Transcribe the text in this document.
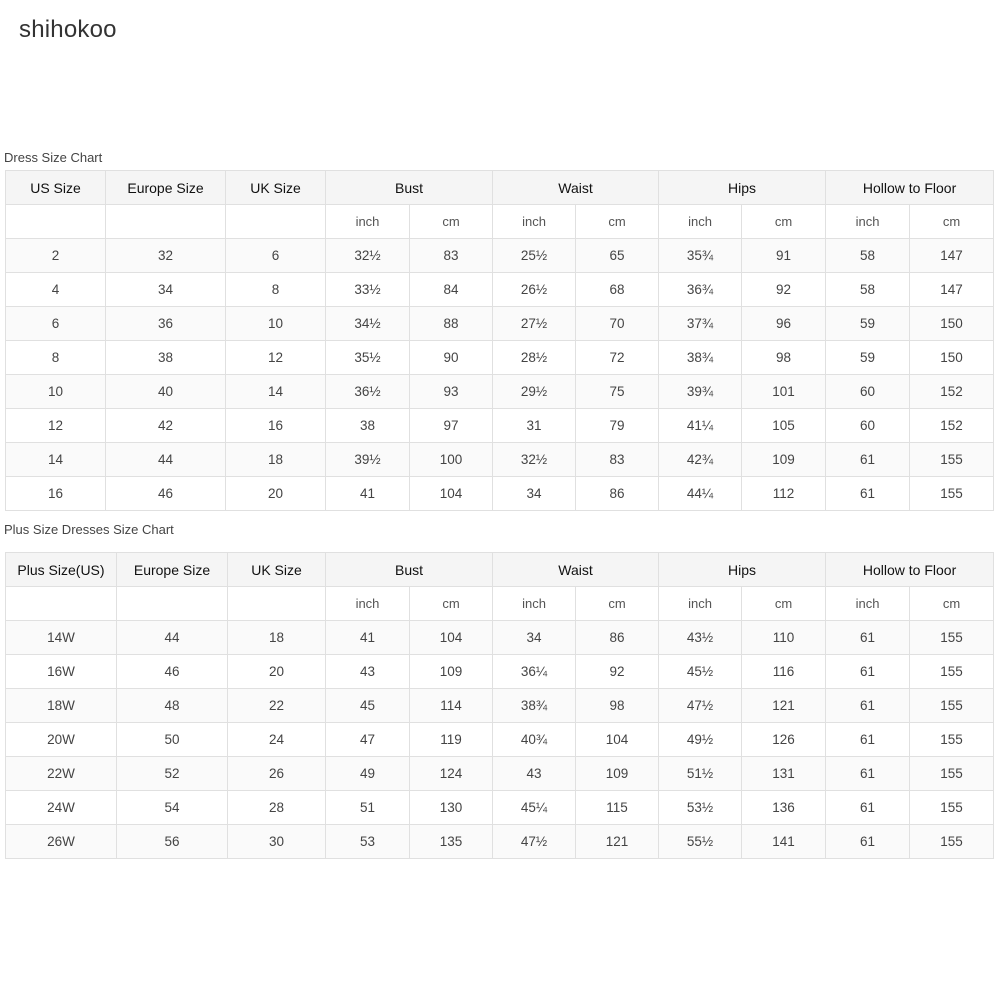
shihokoo
Dress Size Chart
US Size	Europe Size	UK Size	Bust		Waist		Hips		Hollow to Floor	
			inch	cm	inch	cm	inch	cm	inch	cm
2	32	6	32½	83	25½	65	35¾	91	58	147
4	34	8	33½	84	26½	68	36¾	92	58	147
6	36	10	34½	88	27½	70	37¾	96	59	150
8	38	12	35½	90	28½	72	38¾	98	59	150
10	40	14	36½	93	29½	75	39¾	101	60	152
12	42	16	38	97	31	79	41¼	105	60	152
14	44	18	39½	100	32½	83	42¾	109	61	155
16	46	20	41	104	34	86	44¼	112	61	155
Plus Size Dresses Size Chart
Plus Size(US)	Europe Size	UK Size	Bust		Waist		Hips		Hollow to Floor	
			inch	cm	inch	cm	inch	cm	inch	cm
14W	44	18	41	104	34	86	43½	110	61	155
16W	46	20	43	109	36¼	92	45½	116	61	155
18W	48	22	45	114	38¾	98	47½	121	61	155
20W	50	24	47	119	40¾	104	49½	126	61	155
22W	52	26	49	124	43	109	51½	131	61	155
24W	54	28	51	130	45¼	115	53½	136	61	155
26W	56	30	53	135	47½	121	55½	141	61	155
